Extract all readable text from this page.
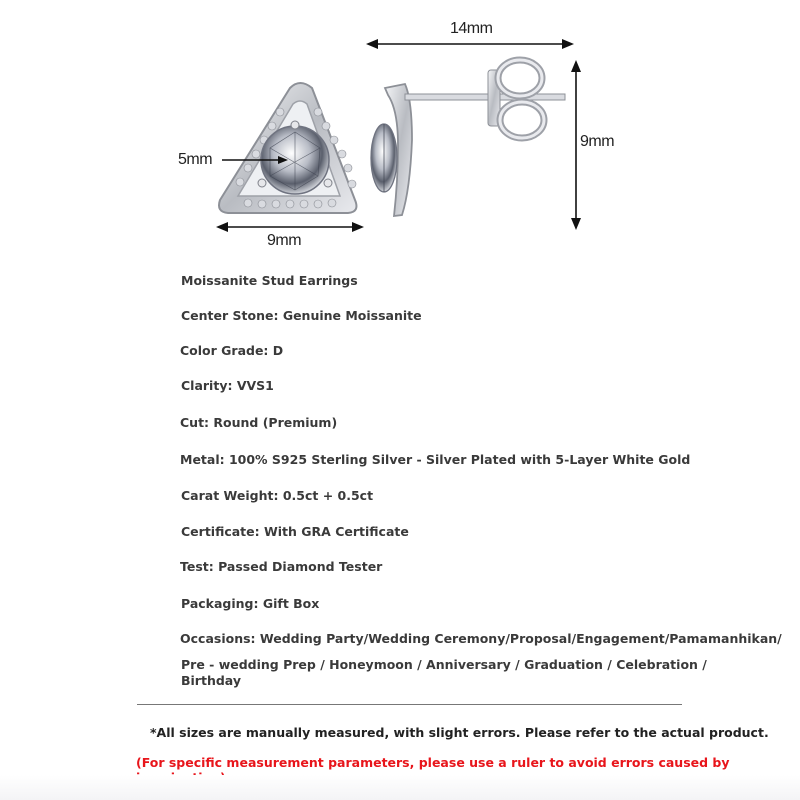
14mm
9mm
5mm
9mm
Moissanite Stud Earrings
Center Stone: Genuine Moissanite
Color Grade: D
Clarity: VVS1
Cut: Round (Premium)
Metal: 100% S925 Sterling Silver - Silver Plated with 5-Layer White Gold
Carat Weight: 0.5ct + 0.5ct
Certificate: With GRA Certificate
Test: Passed Diamond Tester
Packaging: Gift Box
Occasions: Wedding Party/Wedding Ceremony/Proposal/Engagement/Pamamanhikan/
Pre - wedding Prep / Honeymoon / Anniversary / Graduation / Celebration /
Birthday
*All sizes are manually measured, with slight errors. Please refer to the actual product.
(For specific measurement parameters, please use a ruler to avoid errors caused by
